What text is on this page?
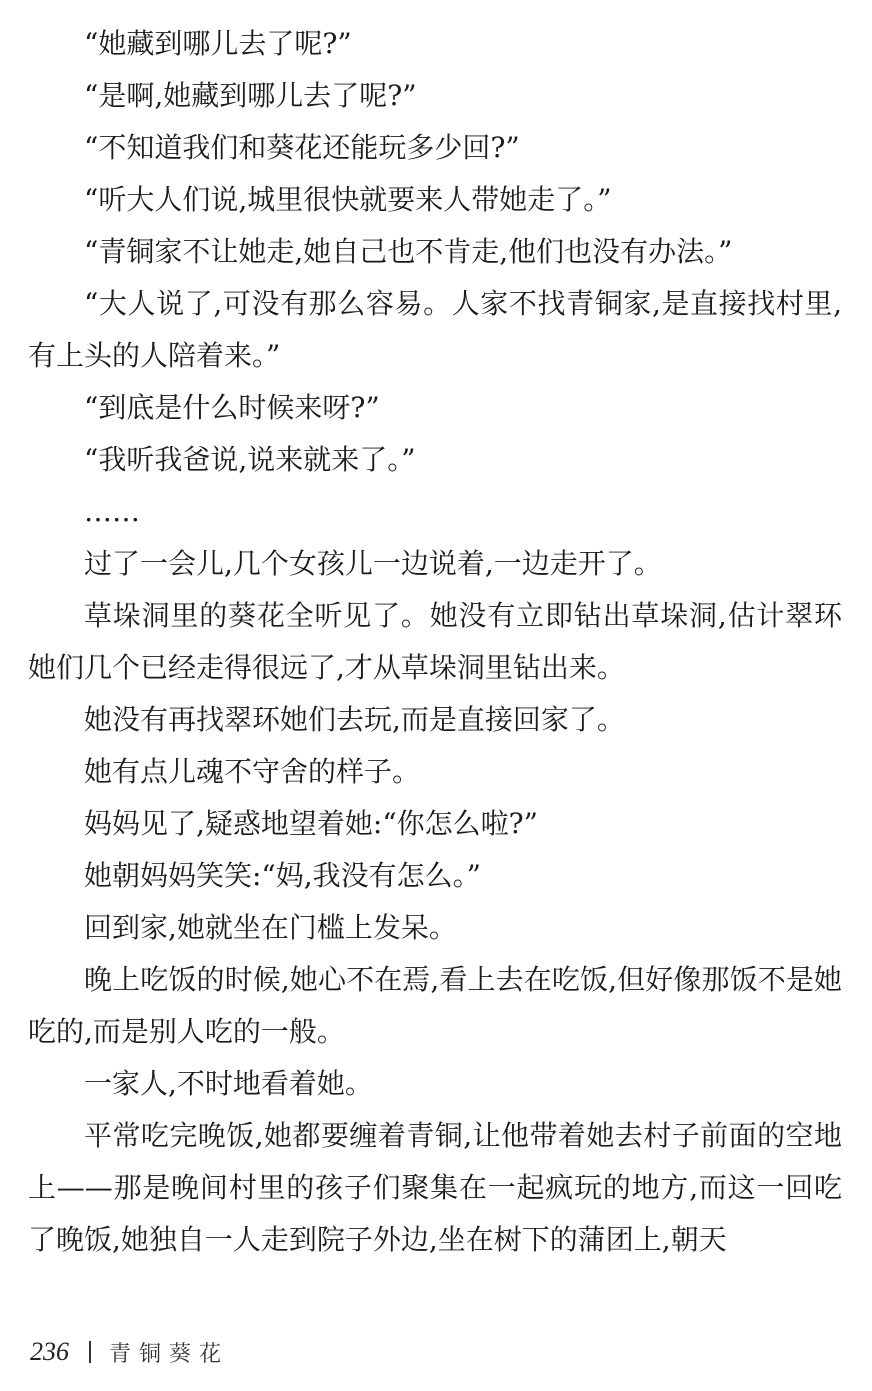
“她藏到哪儿去了呢?”

“是啊,她藏到哪儿去了呢?”

“不知道我们和葵花还能玩多少回?”

“听大人们说,城里很快就要来人带她走了。”

“青铜家不让她走,她自己也不肯走,他们也没有办法。”

“大人说了,可没有那么容易。人家不找青铜家,是直接找村里,有上头的人陪着来。”

“到底是什么时候来呀?”

“我听我爸说,说来就来了。”

……

过了一会儿,几个女孩儿一边说着,一边走开了。

草垛洞里的葵花全听见了。她没有立即钻出草垛洞,估计翠环她们几个已经走得很远了,才从草垛洞里钻出来。

她没有再找翠环她们去玩,而是直接回家了。

她有点儿魂不守舍的样子。

妈妈见了,疑惑地望着她:“你怎么啦?”

她朝妈妈笑笑:“妈,我没有怎么。”

回到家,她就坐在门槛上发呆。

晚上吃饭的时候,她心不在焉,看上去在吃饭,但好像那饭不是她吃的,而是别人吃的一般。

一家人,不时地看着她。

平常吃完晚饭,她都要缠着青铜,让他带着她去村子前面的空地上——那是晚间村里的孩子们聚集在一起疯玩的地方,而这一回吃了晚饭,她独自一人走到院子外边,坐在树下的蒲团上,朝天

236 青铜葵花
